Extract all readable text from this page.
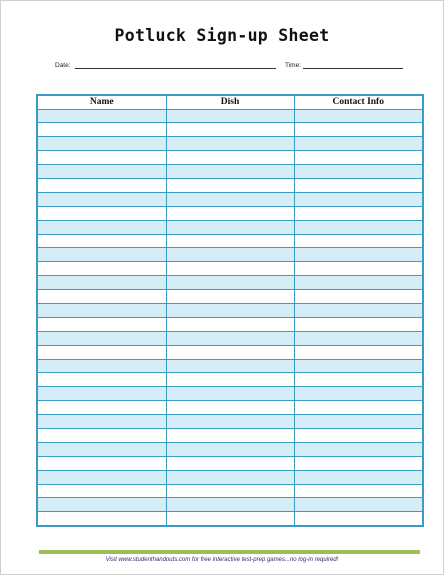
Potluck Sign-up Sheet
Date:	Time:
Name	Dish	Contact Info

Visit www.studenthandouts.com for free interactive test-prep games...no log-in required!
